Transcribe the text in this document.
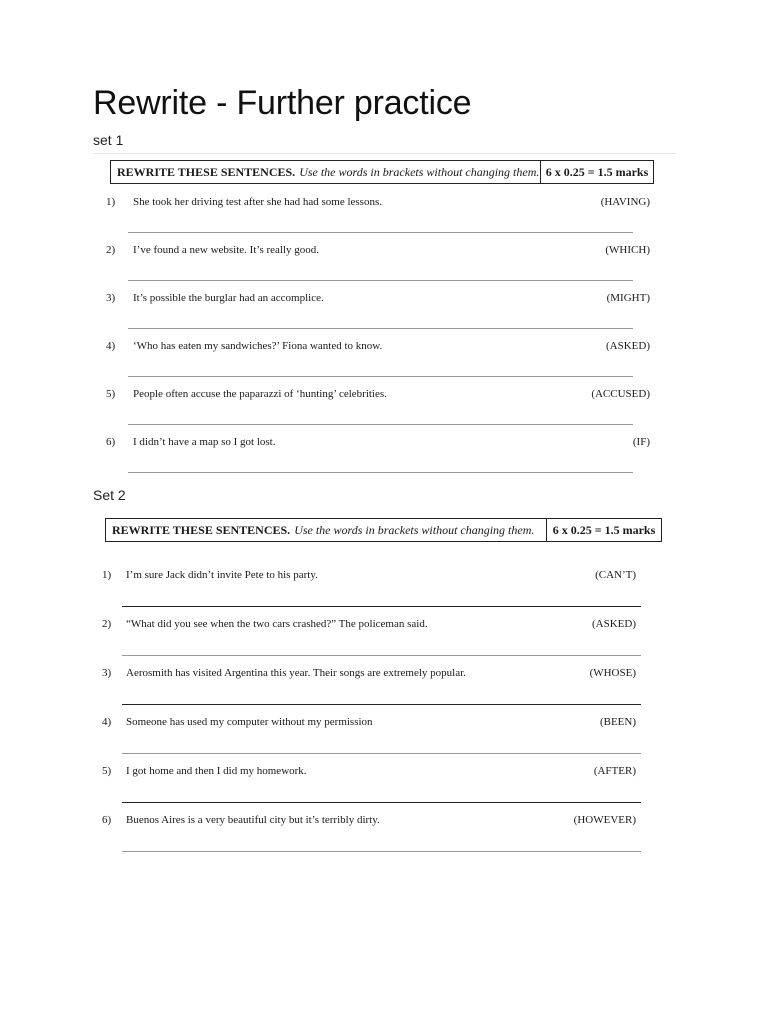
Rewrite - Further practice
set 1
REWRITE THESE SENTENCES. Use the words in brackets without changing them. 6 x 0.25 = 1.5 marks
1)	She took her driving test after she had had some lessons.	(HAVING)
2)	I’ve found a new website. It’s really good.	(WHICH)
3)	It’s possible the burglar had an accomplice.	(MIGHT)
4)	‘Who has eaten my sandwiches?’ Fiona wanted to know.	(ASKED)
5)	People often accuse the paparazzi of ‘hunting’ celebrities.	(ACCUSED)
6)	I didn’t have a map so I got lost.	(IF)
Set 2
REWRITE THESE SENTENCES. Use the words in brackets without changing them.	6 x 0.25 = 1.5 marks
1)	I’m sure Jack didn’t invite Pete to his party.	(CAN’T)
2)	“What did you see when the two cars crashed?” The policeman said.	(ASKED)
3)	Aerosmith has visited Argentina this year. Their songs are extremely popular.	(WHOSE)
4)	Someone has used my computer without my permission	(BEEN)
5)	I got home and then I did my homework.	(AFTER)
6)	Buenos Aires is a very beautiful city but it’s terribly dirty.	(HOWEVER)
